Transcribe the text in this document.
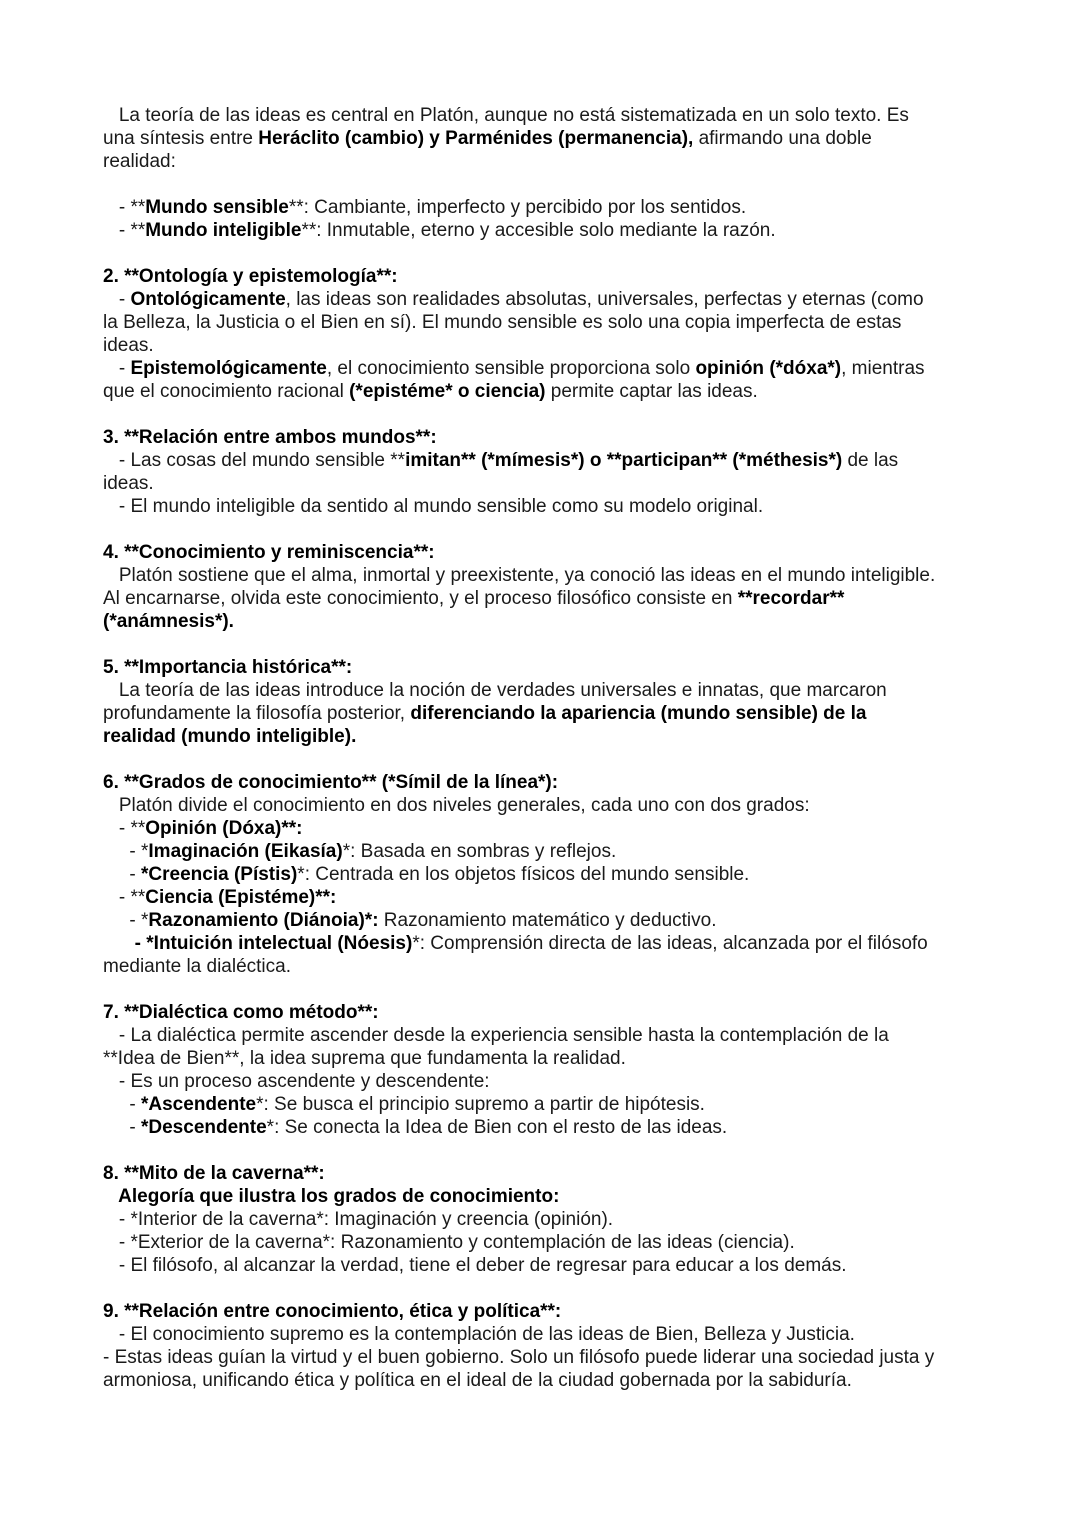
La teoría de las ideas es central en Platón, aunque no está sistematizada en un solo texto. Es
una síntesis entre Heráclito (cambio) y Parménides (permanencia), afirmando una doble
realidad:
- **Mundo sensible**: Cambiante, imperfecto y percibido por los sentidos.
- **Mundo inteligible**: Inmutable, eterno y accesible solo mediante la razón.
2. **Ontología y epistemología**:
- Ontológicamente, las ideas son realidades absolutas, universales, perfectas y eternas (como
la Belleza, la Justicia o el Bien en sí). El mundo sensible es solo una copia imperfecta de estas
ideas.
- Epistemológicamente, el conocimiento sensible proporciona solo opinión (*dóxa*), mientras
que el conocimiento racional (*epistéme* o ciencia) permite captar las ideas.
3. **Relación entre ambos mundos**:
- Las cosas del mundo sensible **imitan** (*mímesis*) o **participan** (*méthesis*) de las
ideas.
- El mundo inteligible da sentido al mundo sensible como su modelo original.
4. **Conocimiento y reminiscencia**:
Platón sostiene que el alma, inmortal y preexistente, ya conoció las ideas en el mundo inteligible.
Al encarnarse, olvida este conocimiento, y el proceso filosófico consiste en **recordar**
(*anámnesis*).
5. **Importancia histórica**:
La teoría de las ideas introduce la noción de verdades universales e innatas, que marcaron
profundamente la filosofía posterior, diferenciando la apariencia (mundo sensible) de la
realidad (mundo inteligible).
6. **Grados de conocimiento** (*Símil de la línea*):
Platón divide el conocimiento en dos niveles generales, cada uno con dos grados:
- **Opinión (Dóxa)**:
- *Imaginación (Eikasía)*: Basada en sombras y reflejos.
- *Creencia (Pístis)*: Centrada en los objetos físicos del mundo sensible.
- **Ciencia (Epistéme)**:
- *Razonamiento (Diánoia)*: Razonamiento matemático y deductivo.
- *Intuición intelectual (Nóesis)*: Comprensión directa de las ideas, alcanzada por el filósofo
mediante la dialéctica.
7. **Dialéctica como método**:
- La dialéctica permite ascender desde la experiencia sensible hasta la contemplación de la
**Idea de Bien**, la idea suprema que fundamenta la realidad.
- Es un proceso ascendente y descendente:
- *Ascendente*: Se busca el principio supremo a partir de hipótesis.
- *Descendente*: Se conecta la Idea de Bien con el resto de las ideas.
8. **Mito de la caverna**:
Alegoría que ilustra los grados de conocimiento:
- *Interior de la caverna*: Imaginación y creencia (opinión).
- *Exterior de la caverna*: Razonamiento y contemplación de las ideas (ciencia).
- El filósofo, al alcanzar la verdad, tiene el deber de regresar para educar a los demás.
9. **Relación entre conocimiento, ética y política**:
- El conocimiento supremo es la contemplación de las ideas de Bien, Belleza y Justicia.
- Estas ideas guían la virtud y el buen gobierno. Solo un filósofo puede liderar una sociedad justa y
armoniosa, unificando ética y política en el ideal de la ciudad gobernada por la sabiduría.
